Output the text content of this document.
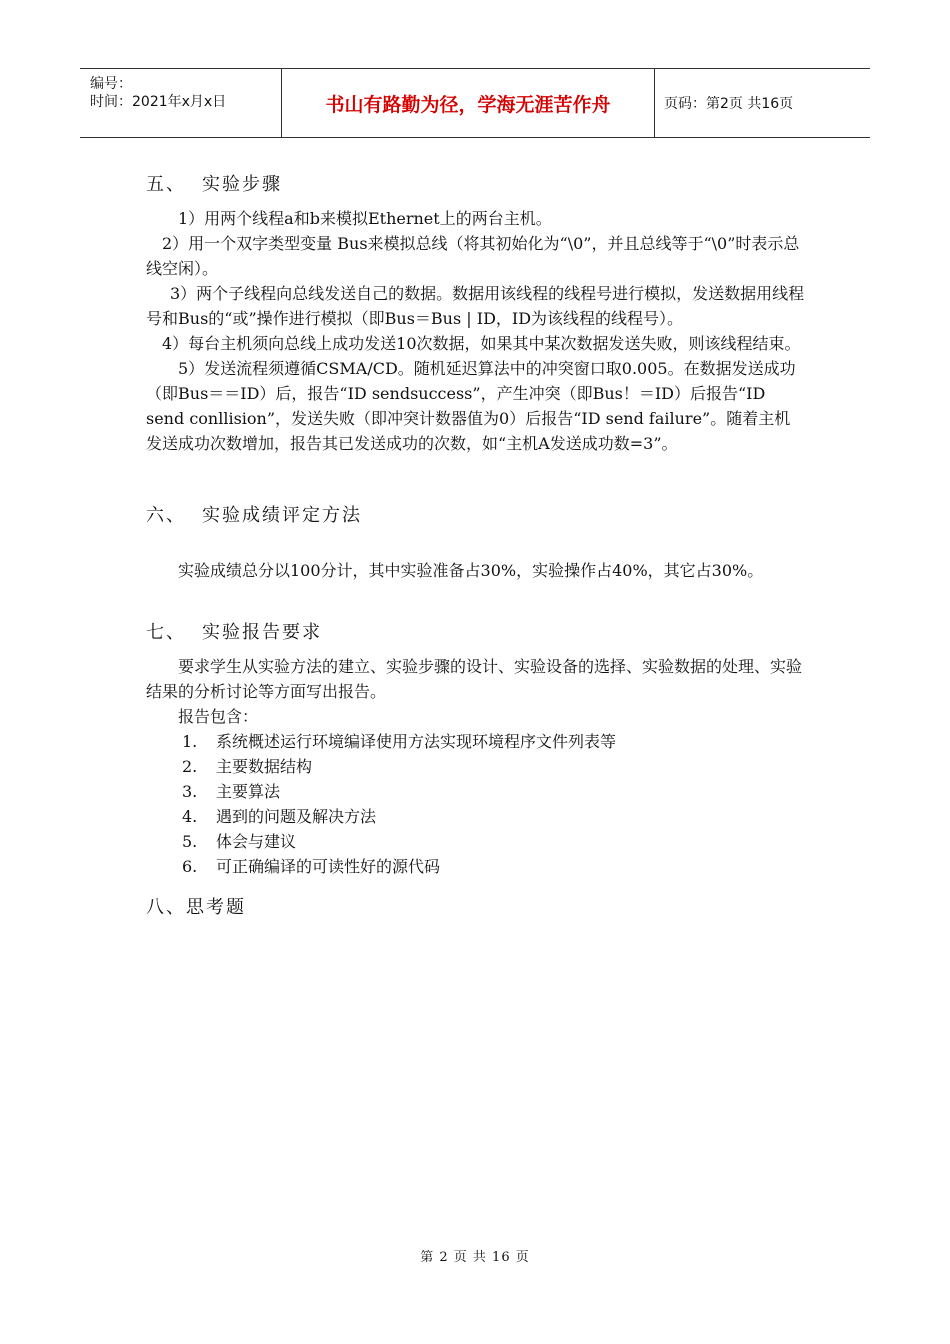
编号：
时间：2021年x月x日	书山有路勤为径，学海无涯苦作舟	页码：第2页 共16页
五、 实验步骤

1）用两个线程a和b来模拟Ethernet上的两台主机。

2）用一个双字类型变量 Bus来模拟总线（将其初始化为“\0”，并且总线等于“\0”时表示总线空闲）。

3）两个子线程向总线发送自己的数据。数据用该线程的线程号进行模拟，发送数据用线程号和Bus的“或”操作进行模拟（即Bus＝Bus | ID，ID为该线程的线程号）。

4）每台主机须向总线上成功发送10次数据，如果其中某次数据发送失败，则该线程结束。

5）发送流程须遵循CSMA/CD。随机延迟算法中的冲突窗口取0.005。在数据发送成功（即Bus＝＝ID）后，报告“ID sendsuccess”，产生冲突（即Bus！＝ID）后报告“ID send conllision”，发送失败（即冲突计数器值为0）后报告“ID send failure”。随着主机发送成功次数增加，报告其已发送成功的次数，如“主机A发送成功数=3”。

六、 实验成绩评定方法

实验成绩总分以100分计，其中实验准备占30%，实验操作占40%，其它占30%。

七、 实验报告要求

要求学生从实验方法的建立、实验步骤的设计、实验设备的选择、实验数据的处理、实验结果的分析讨论等方面写出报告。

报告包含：

1. 系统概述运行环境编译使用方法实现环境程序文件列表等
2. 主要数据结构
3. 主要算法
4. 遇到的问题及解决方法
5. 体会与建议
6. 可正确编译的可读性好的源代码
八、思考题
第 2 页 共 16 页
